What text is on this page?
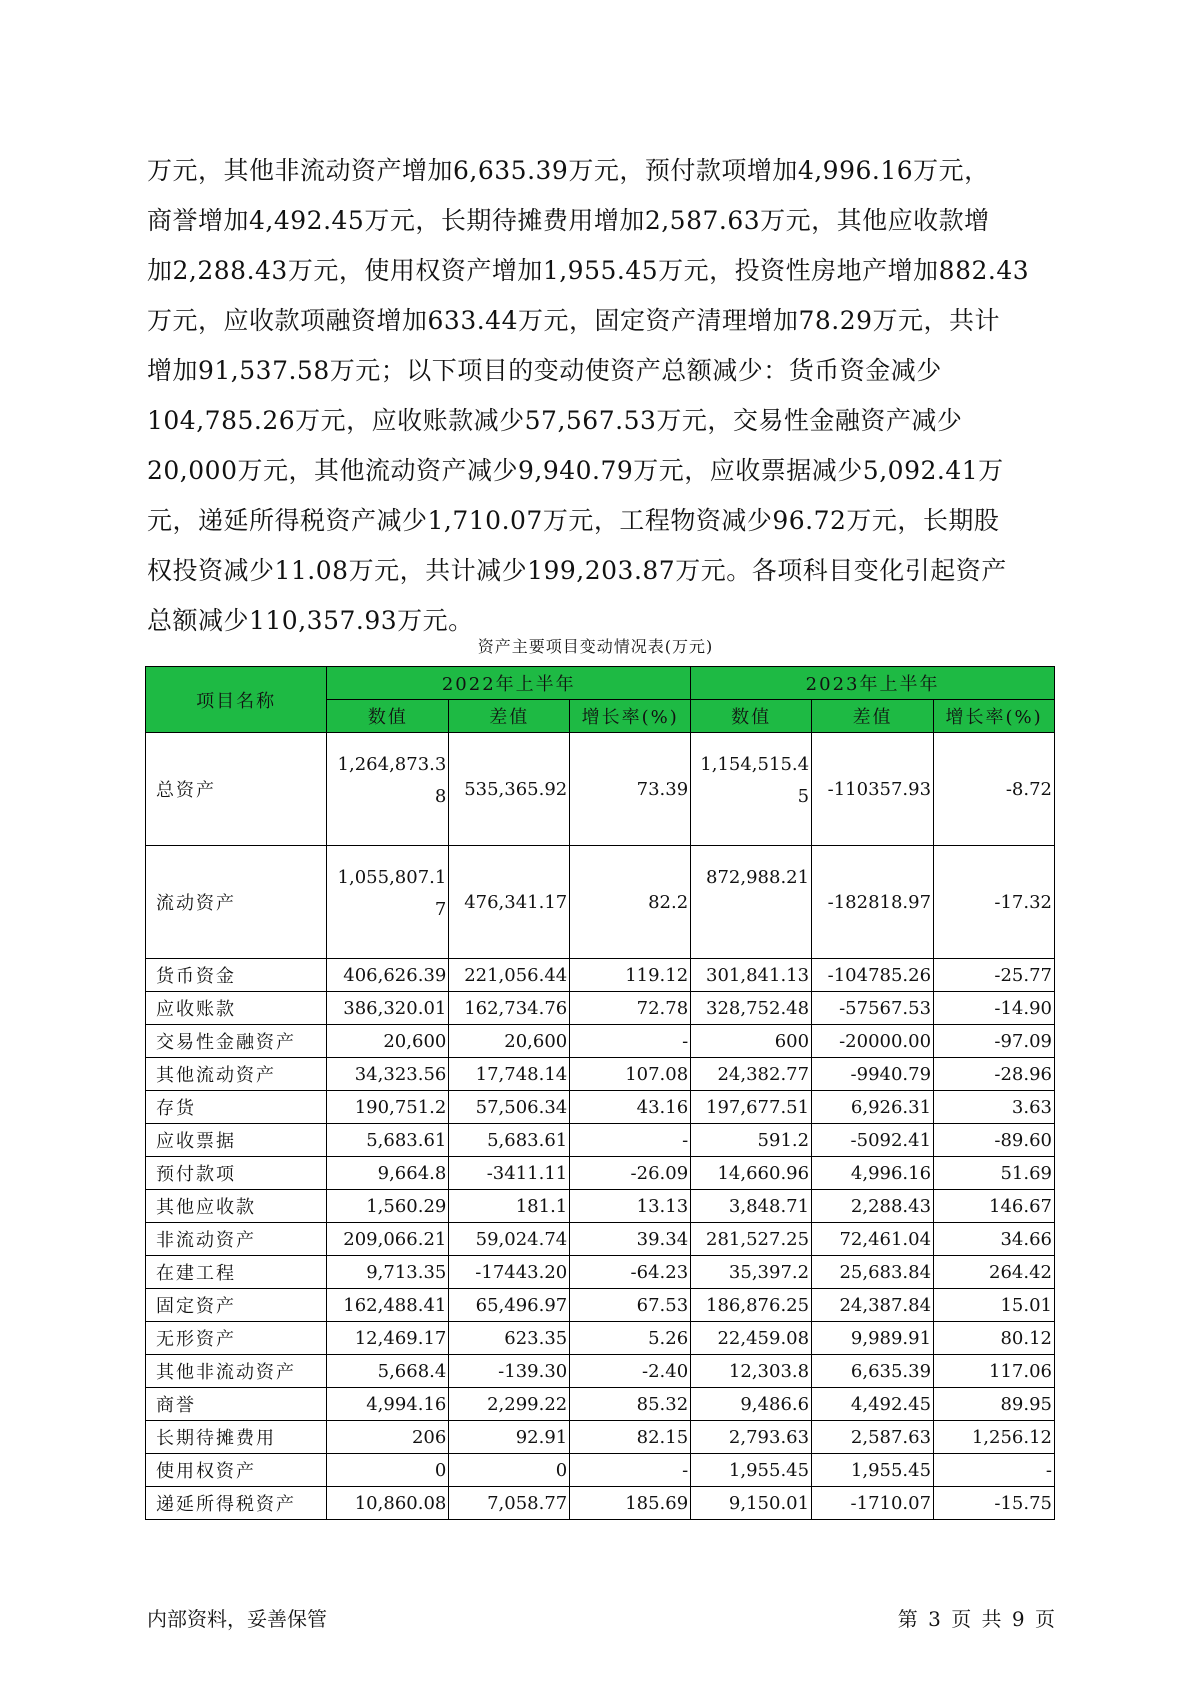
万元，其他非流动资产增加6,635.39万元，预付款项增加4,996.16万元，
商誉增加4,492.45万元，长期待摊费用增加2,587.63万元，其他应收款增
加2,288.43万元，使用权资产增加1,955.45万元，投资性房地产增加882.43
万元，应收款项融资增加633.44万元，固定资产清理增加78.29万元，共计
增加91,537.58万元；以下项目的变动使资产总额减少：货币资金减少
104,785.26万元，应收账款减少57,567.53万元，交易性金融资产减少
20,000万元，其他流动资产减少9,940.79万元，应收票据减少5,092.41万
元，递延所得税资产减少1,710.07万元，工程物资减少96.72万元，长期股
权投资减少11.08万元，共计减少199,203.87万元。各项科目变化引起资产
总额减少110,357.93万元。
资产主要项目变动情况表(万元)
项目名称	2022年上半年			2023年上半年		
	数值	差值	增长率(%)	数值	差值	增长率(%)
总资产	1,264,873.38	535,365.92	73.39	1,154,515.45	-110357.93	-8.72
流动资产	1,055,807.17	476,341.17	82.2	872,988.21	-182818.97	-17.32
货币资金	406,626.39	221,056.44	119.12	301,841.13	-104785.26	-25.77
应收账款	386,320.01	162,734.76	72.78	328,752.48	-57567.53	-14.90
交易性金融资产	20,600	20,600	-	600	-20000.00	-97.09
其他流动资产	34,323.56	17,748.14	107.08	24,382.77	-9940.79	-28.96
存货	190,751.2	57,506.34	43.16	197,677.51	6,926.31	3.63
应收票据	5,683.61	5,683.61	-	591.2	-5092.41	-89.60
预付款项	9,664.8	-3411.11	-26.09	14,660.96	4,996.16	51.69
其他应收款	1,560.29	181.1	13.13	3,848.71	2,288.43	146.67
非流动资产	209,066.21	59,024.74	39.34	281,527.25	72,461.04	34.66
在建工程	9,713.35	-17443.20	-64.23	35,397.2	25,683.84	264.42
固定资产	162,488.41	65,496.97	67.53	186,876.25	24,387.84	15.01
无形资产	12,469.17	623.35	5.26	22,459.08	9,989.91	80.12
其他非流动资产	5,668.4	-139.30	-2.40	12,303.8	6,635.39	117.06
商誉	4,994.16	2,299.22	85.32	9,486.6	4,492.45	89.95
长期待摊费用	206	92.91	82.15	2,793.63	2,587.63	1,256.12
使用权资产	0	0	-	1,955.45	1,955.45	-
递延所得税资产	10,860.08	7,058.77	185.69	9,150.01	-1710.07	-15.75
内部资料，妥善保管	第 3 页 共 9 页
